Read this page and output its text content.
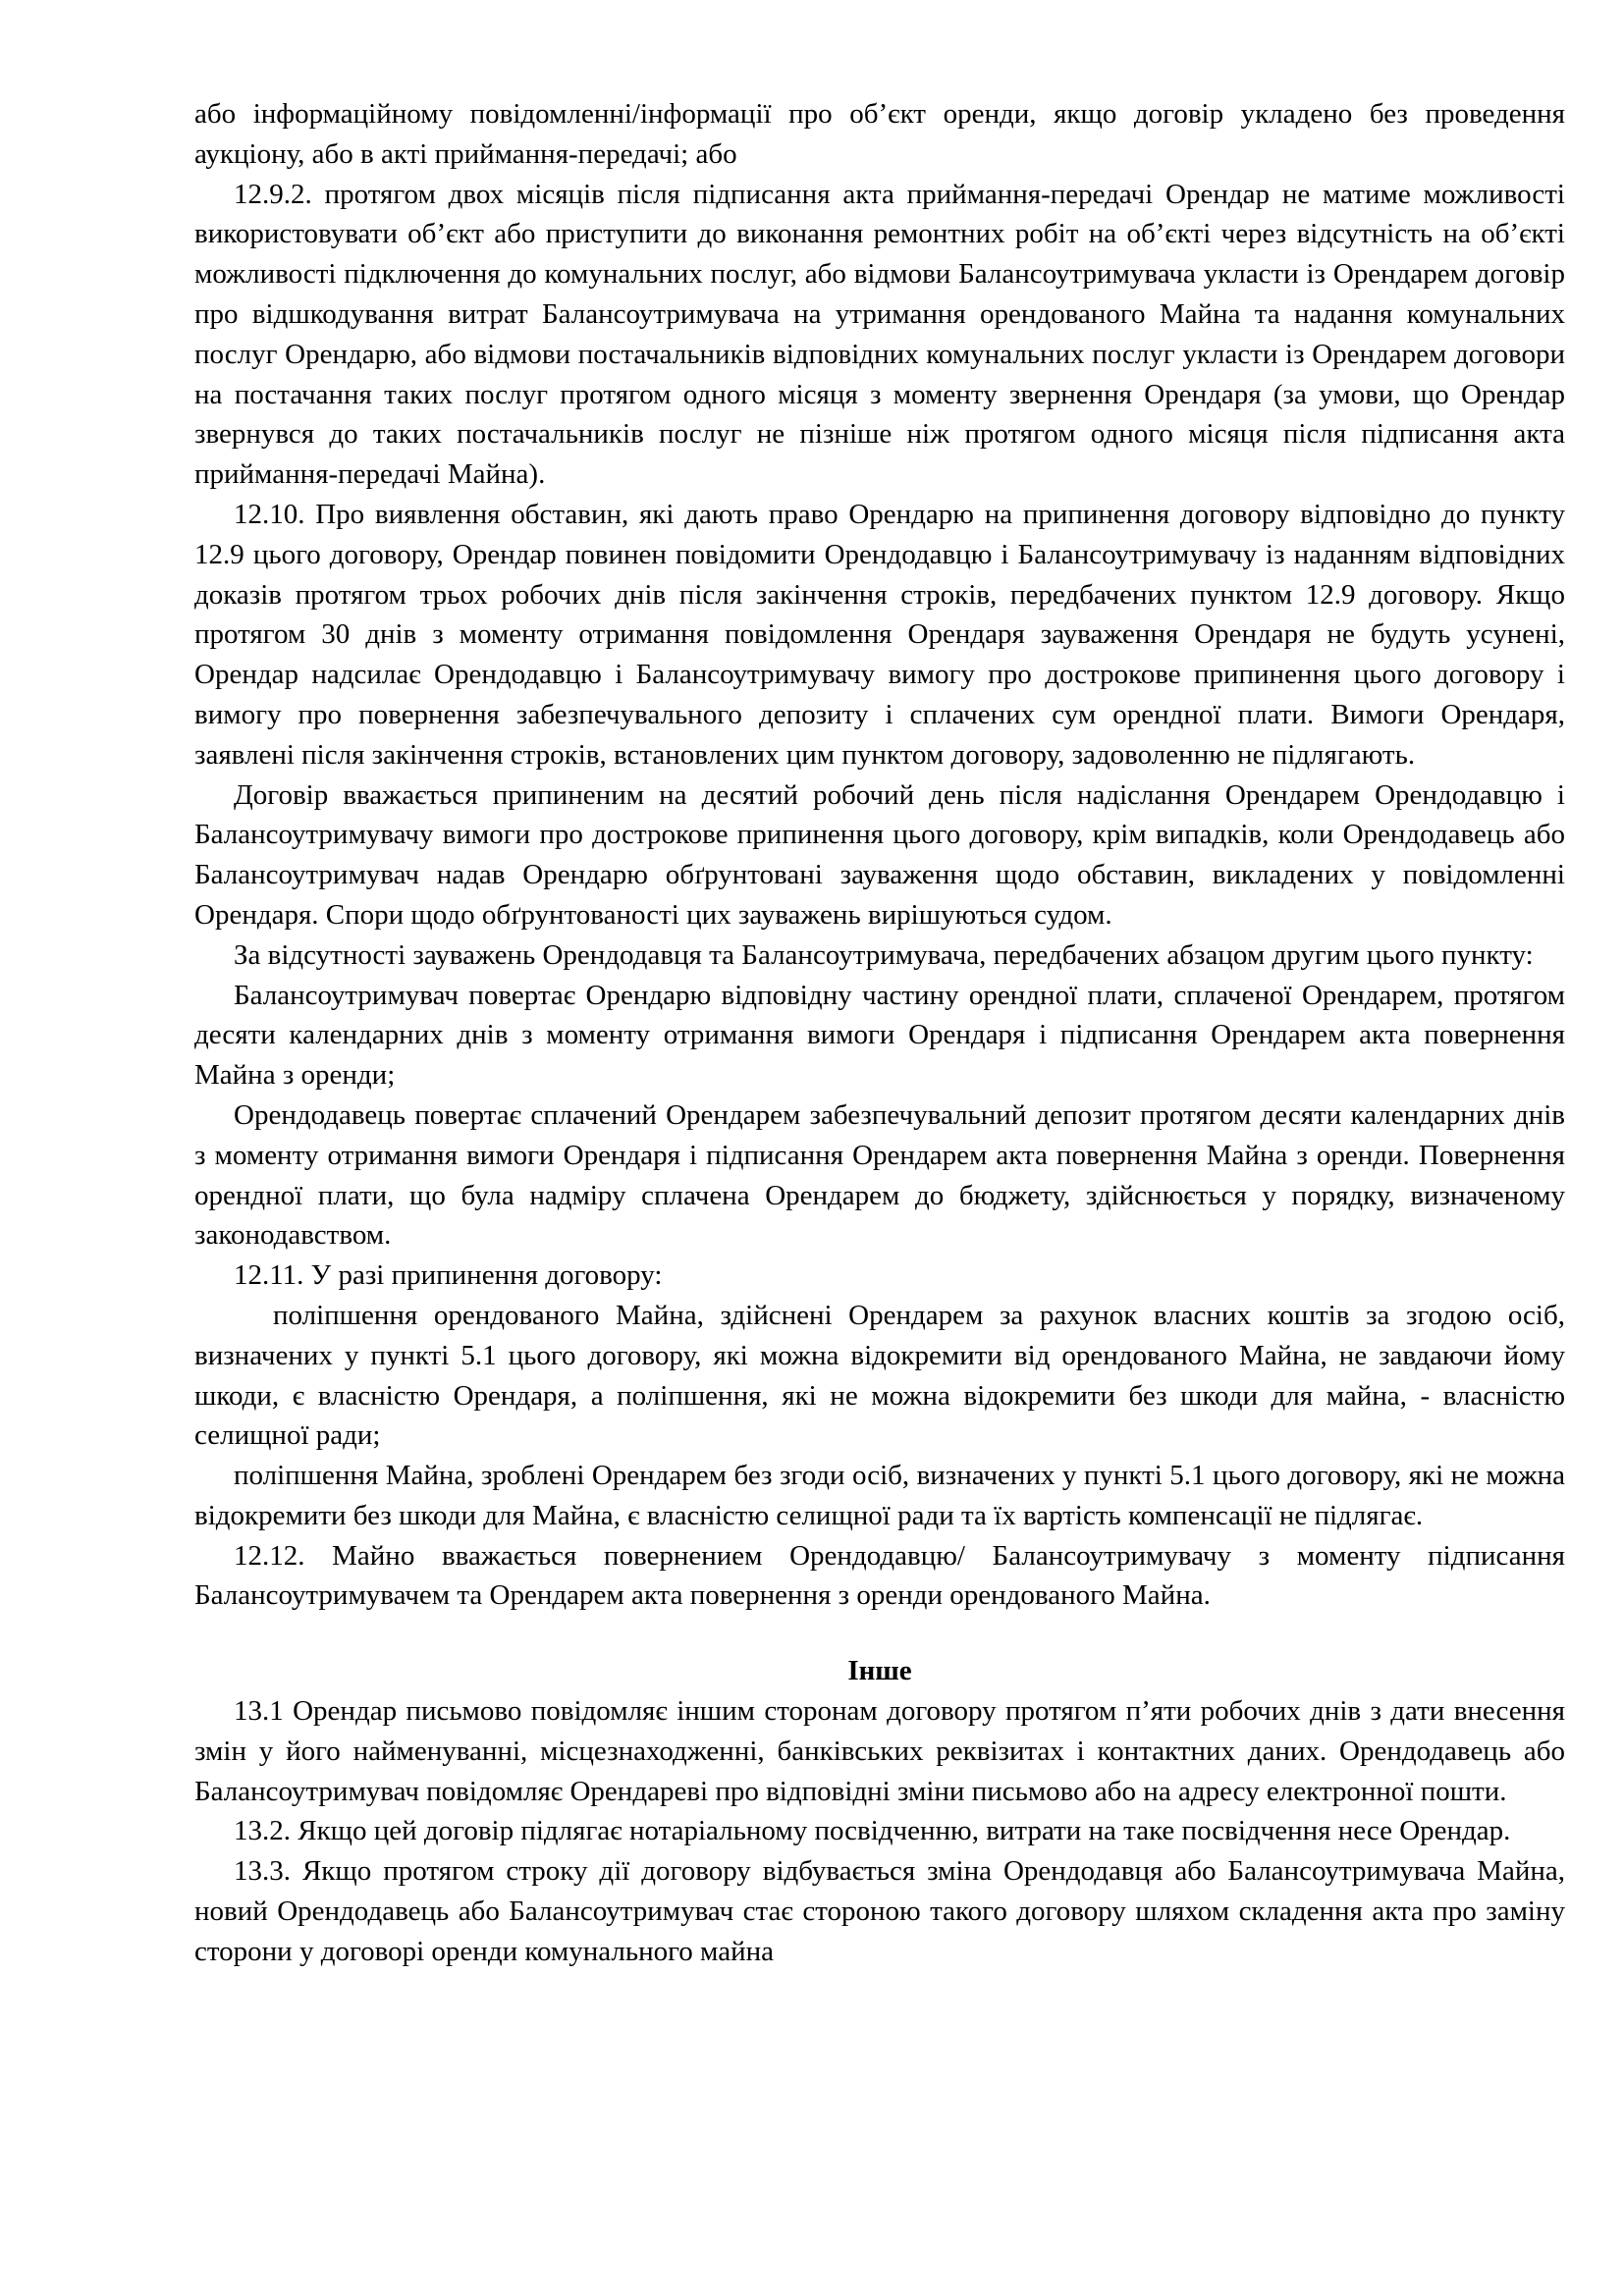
або інформаційному повідомленні/інформації про об’єкт оренди, якщо договір укладено без проведення аукціону, або в акті приймання-передачі; або

12.9.2. протягом двох місяців після підписання акта приймання-передачі Орендар не матиме можливості використовувати об’єкт або приступити до виконання ремонтних робіт на об’єкті через відсутність на об’єкті можливості підключення до комунальних послуг, або відмови Балансоутримувача укласти із Орендарем договір про відшкодування витрат Балансоутримувача на утримання орендованого Майна та надання комунальних послуг Орендарю, або відмови постачальників відповідних комунальних послуг укласти із Орендарем договори на постачання таких послуг протягом одного місяця з моменту звернення Орендаря (за умови, що Орендар звернувся до таких постачальників послуг не пізніше ніж протягом одного місяця після підписання акта приймання-передачі Майна).

12.10. Про виявлення обставин, які дають право Орендарю на припинення договору відповідно до пункту 12.9 цього договору, Орендар повинен повідомити Орендодавцю і Балансоутримувачу із наданням відповідних доказів протягом трьох робочих днів після закінчення строків, передбачених пунктом 12.9 договору. Якщо протягом 30 днів з моменту отримання повідомлення Орендаря зауваження Орендаря не будуть усунені, Орендар надсилає Орендодавцю і Балансоутримувачу вимогу про дострокове припинення цього договору і вимогу про повернення забезпечувального депозиту і сплачених сум орендної плати. Вимоги Орендаря, заявлені після закінчення строків, встановлених цим пунктом договору, задоволенню не підлягають.

Договір вважається припиненим на десятий робочий день після надіслання Орендарем Орендодавцю і Балансоутримувачу вимоги про дострокове припинення цього договору, крім випадків, коли Орендодавець або Балансоутримувач надав Орендарю обґрунтовані зауваження щодо обставин, викладених у повідомленні Орендаря. Спори щодо обґрунтованості цих зауважень вирішуються судом.

За відсутності зауважень Орендодавця та Балансоутримувача, передбачених абзацом другим цього пункту:

Балансоутримувач повертає Орендарю відповідну частину орендної плати, сплаченої Орендарем, протягом десяти календарних днів з моменту отримання вимоги Орендаря і підписання Орендарем акта повернення Майна з оренди;

Орендодавець повертає сплачений Орендарем забезпечувальний депозит протягом десяти календарних днів з моменту отримання вимоги Орендаря і підписання Орендарем акта повернення Майна з оренди. Повернення орендної плати, що була надміру сплачена Орендарем до бюджету, здійснюється у порядку, визначеному законодавством.

12.11. У разі припинення договору:

поліпшення орендованого Майна, здійснені Орендарем за рахунок власних коштів за згодою осіб, визначених у пункті 5.1 цього договору, які можна відокремити від орендованого Майна, не завдаючи йому шкоди, є власністю Орендаря, а поліпшення, які не можна відокремити без шкоди для майна, - власністю селищної ради;

поліпшення Майна, зроблені Орендарем без згоди осіб, визначених у пункті 5.1 цього договору, які не можна відокремити без шкоди для Майна, є власністю селищної ради та їх вартість компенсації не підлягає.

12.12. Майно вважається повернением Орендодавцю/ Балансоутримувачу з моменту підписання Балансоутримувачем та Орендарем акта повернення з оренди орендованого Майна.

Інше

13.1 Орендар письмово повідомляє іншим сторонам договору протягом п’яти робочих днів з дати внесення змін у його найменуванні, місцезнаходженні, банківських реквізитах і контактних даних. Орендодавець або Балансоутримувач повідомляє Орендареві про відповідні зміни письмово або на адресу електронної пошти.

13.2. Якщо цей договір підлягає нотаріальному посвідченню, витрати на таке посвідчення несе Орендар.

13.3. Якщо протягом строку дії договору відбувається зміна Орендодавця або Балансоутримувача Майна, новий Орендодавець або Балансоутримувач стає стороною такого договору шляхом складення акта про заміну сторони у договорі оренди комунального майна
